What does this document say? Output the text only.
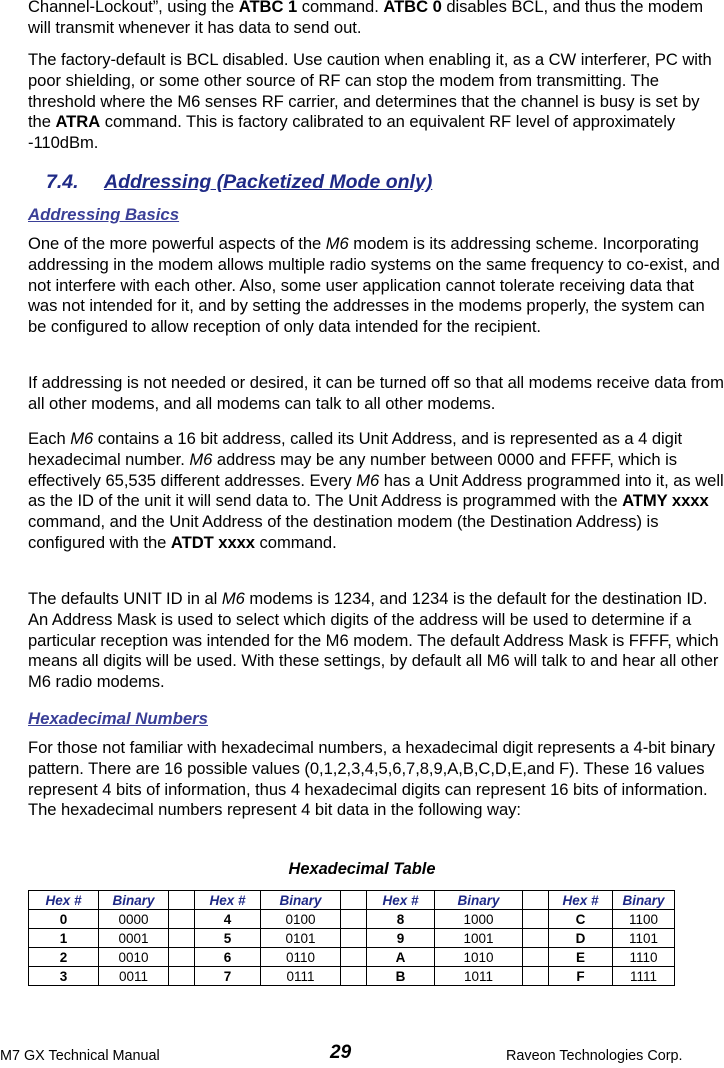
Channel-Lockout”, using the ATBC 1 command. ATBC 0 disables BCL, and thus the modem will transmit whenever it has data to send out.

The factory-default is BCL disabled. Use caution when enabling it, as a CW interferer, PC with poor shielding, or some other source of RF can stop the modem from transmitting. The threshold where the M6 senses RF carrier, and determines that the channel is busy is set by the ATRA command. This is factory calibrated to an equivalent RF level of approximately -110dBm.

7.4. Addressing (Packetized Mode only)
Addressing Basics

One of the more powerful aspects of the M6 modem is its addressing scheme. Incorporating addressing in the modem allows multiple radio systems on the same frequency to co-exist, and not interfere with each other. Also, some user application cannot tolerate receiving data that was not intended for it, and by setting the addresses in the modems properly, the system can be configured to allow reception of only data intended for the recipient.

If addressing is not needed or desired, it can be turned off so that all modems receive data from all other modems, and all modems can talk to all other modems.

Each M6 contains a 16 bit address, called its Unit Address, and is represented as a 4 digit hexadecimal number. M6 address may be any number between 0000 and FFFF, which is effectively 65,535 different addresses. Every M6 has a Unit Address programmed into it, as well as the ID of the unit it will send data to. The Unit Address is programmed with the ATMY xxxx command, and the Unit Address of the destination modem (the Destination Address) is configured with the ATDT xxxx command.

The defaults UNIT ID in al M6 modems is 1234, and 1234 is the default for the destination ID. An Address Mask is used to select which digits of the address will be used to determine if a particular reception was intended for the M6 modem. The default Address Mask is FFFF, which means all digits will be used. With these settings, by default all M6 will talk to and hear all other M6 radio modems.

Hexadecimal Numbers

For those not familiar with hexadecimal numbers, a hexadecimal digit represents a 4-bit binary pattern. There are 16 possible values (0,1,2,3,4,5,6,7,8,9,A,B,C,D,E,and F). These 16 values represent 4 bits of information, thus 4 hexadecimal digits can represent 16 bits of information. The hexadecimal numbers represent 4 bit data in the following way:

Hexadecimal Table
Hex #	Binary		Hex #	Binary		Hex #	Binary		Hex #	Binary
0	0000		4	0100		8	1000		C	1100
1	0001		5	0101		9	1001		D	1101
2	0010		6	0110		A	1010		E	1110
3	0011		7	0111		B	1011		F	1111
M7 GX Technical Manual	29	Raveon Technologies Corp.
